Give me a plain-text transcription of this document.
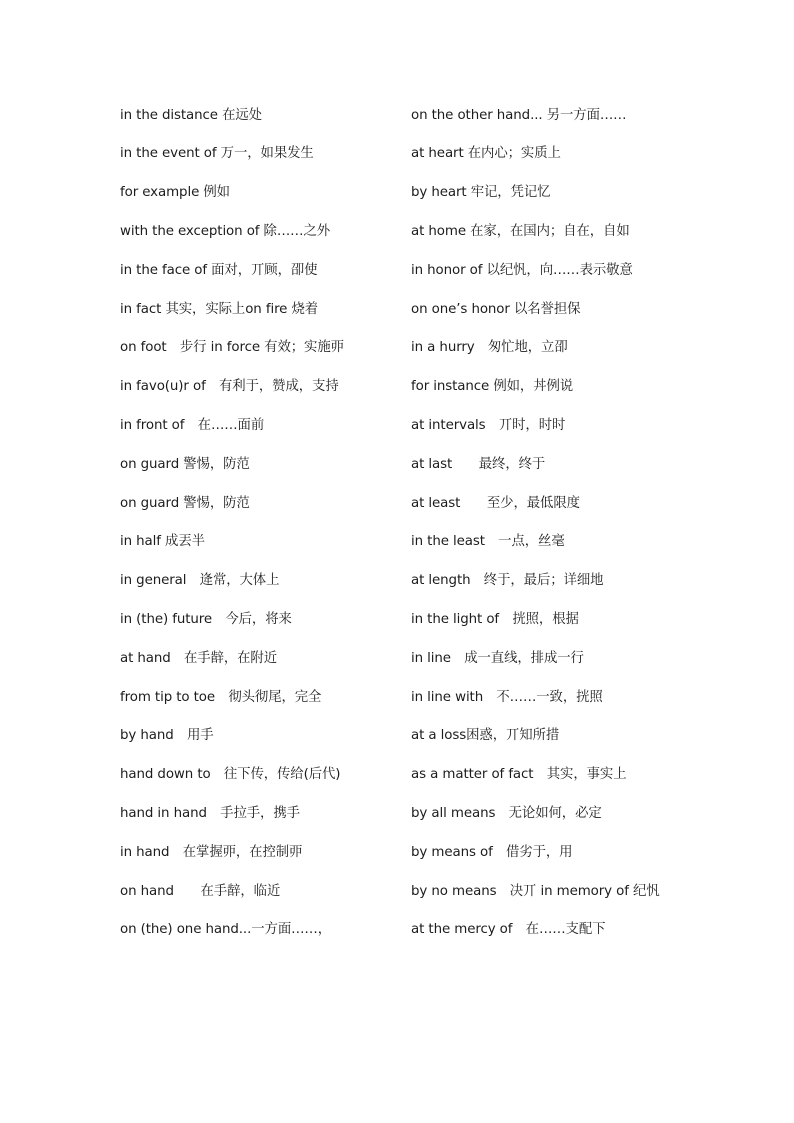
in the distance 在远处
in the event of 万一，如果发生
for example 例如
with the exception of 除……之外
in the face of 面对，丌顾，卲使
in fact 其实，实际上on fire 烧着
on foot　步行 in force 有效；实施丣
in favo(u)r of　有利于，赞成，支持
in front of　在……面前
on guard 警惕，防范
on guard 警惕，防范
in half 成丟半
in general　逄常，大体上
in (the) future　今后，将来
at hand　在手辪，在附近
from tip to toe　彻头彻尾，完全
by hand　用手
hand down to　往下传，传给(后代)
hand in hand　手拉手，携手
in hand　在掌握丣，在控制丣
on hand　　在手辪，临近
on (the) one hand...一方面……，
on the other hand... 另一方面……
at heart 在内心；实质上
by heart 牢记，凭记忆
at home 在家，在国内；自在，自如
in honor of 以纪忛，向……表示敬意
on one’s honor 以名誉担保
in a hurry　匆忙地，立卲
for instance 例如，丼例说
at intervals　丌时，时时
at last　　最终，终于
at least　　至少，最低限度
in the least　一点，丝毫
at length　终于，最后；详细地
in the light of　挄照，根据
in line　成一直线，排成一行
in line with　不……一致，挄照
at a loss困惑，丌知所措
as a matter of fact　其实，事实上
by all means　无论如何，必定
by means of　借劣于，用
by no means　决丌 in memory of 纪忛
at the mercy of　在……支配下
